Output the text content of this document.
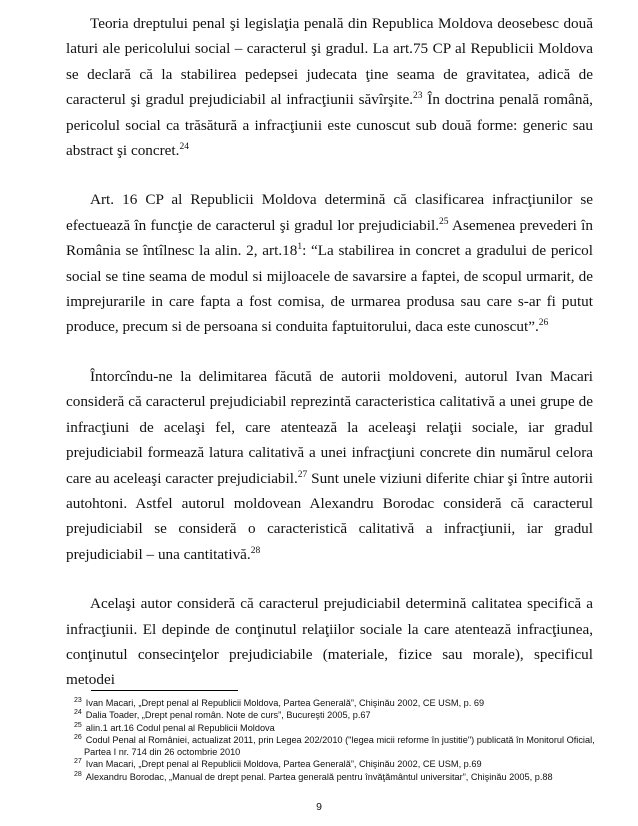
Teoria dreptului penal şi legislaţia penală din Republica Moldova deosebesc două laturi ale pericolului social – caracterul şi gradul. La art.75 CP al Republicii Moldova se declară că la stabilirea pedepsei judecata ţine seama de gravitatea, adică de caracterul şi gradul prejudiciabil al infracţiunii săvîrşite.$^{23}$ În doctrina penală română, pericolul social ca trăsătură a infracţiunii este cunoscut sub două forme: generic sau abstract şi concret.$^{24}$

Art. 16 CP al Republicii Moldova determină că clasificarea infracţiunilor se efectuează în funcţie de caracterul şi gradul lor prejudiciabil.$^{25}$ Asemenea prevederi în România se întîlnesc la alin. 2, $art.18^1$: “La stabilirea in concret a gradului de pericol social se tine seama de modul si mijloacele de savarsire a faptei, de scopul urmarit, de imprejurarile in care fapta a fost comisa, de urmarea produsa sau care s-ar fi putut produce, precum si de persoana si conduita faptuitorului, daca este cunoscut”.$^{26}$

Întorcîndu-ne la delimitarea făcută de autorii moldoveni, autorul Ivan Macari consideră că caracterul prejudiciabil reprezintă caracteristica calitativă a unei grupe de infracţiuni de acelaşi fel, care atentează la aceleaşi relaţii sociale, iar gradul prejudiciabil formează latura calitativă a unei infracţiuni concrete din numărul celora care au aceleaşi caracter prejudiciabil.$^{27}$ Sunt unele viziuni diferite chiar şi între autorii autohtoni. Astfel autorul moldovean Alexandru Borodac consideră că caracterul prejudiciabil se consideră o caracteristică calitativă a infracţiunii, iar gradul prejudiciabil – una cantitativă.$^{28}$

Acelaşi autor consideră că caracterul prejudiciabil determină calitatea specifică a infracţiunii. El depinde de conţinutul relaţiilor sociale la care atentează infracţiunea, conţinutul consecinţelor prejudiciabile (materiale, fizice sau morale), specificul metodei

$^{23}$ Ivan Macari, „Drept penal al Republicii Moldova, Partea Generală”, Chişinău 2002, CE USM, p. 69
$^{24}$ Dalia Toader, „Drept penal român. Note de curs”, Bucureşti 2005, p.67
$^{25}$ alin.1 art.16 Codul penal al Republicii Moldova
$^{26}$ Codul Penal al României, actualizat 2011, prin Legea 202/2010 ("legea micii reforme în justitie") publicată în Monitorul Oficial, Partea I nr. 714 din 26 octombrie 2010
$^{27}$ Ivan Macari, „Drept penal al Republicii Moldova, Partea Generală”, Chişinău 2002, CE USM, p.69
$^{28}$ Alexandru Borodac, „Manual de drept penal. Partea generală pentru învăţământul universitar”, Chişinău 2005, p.88
9
